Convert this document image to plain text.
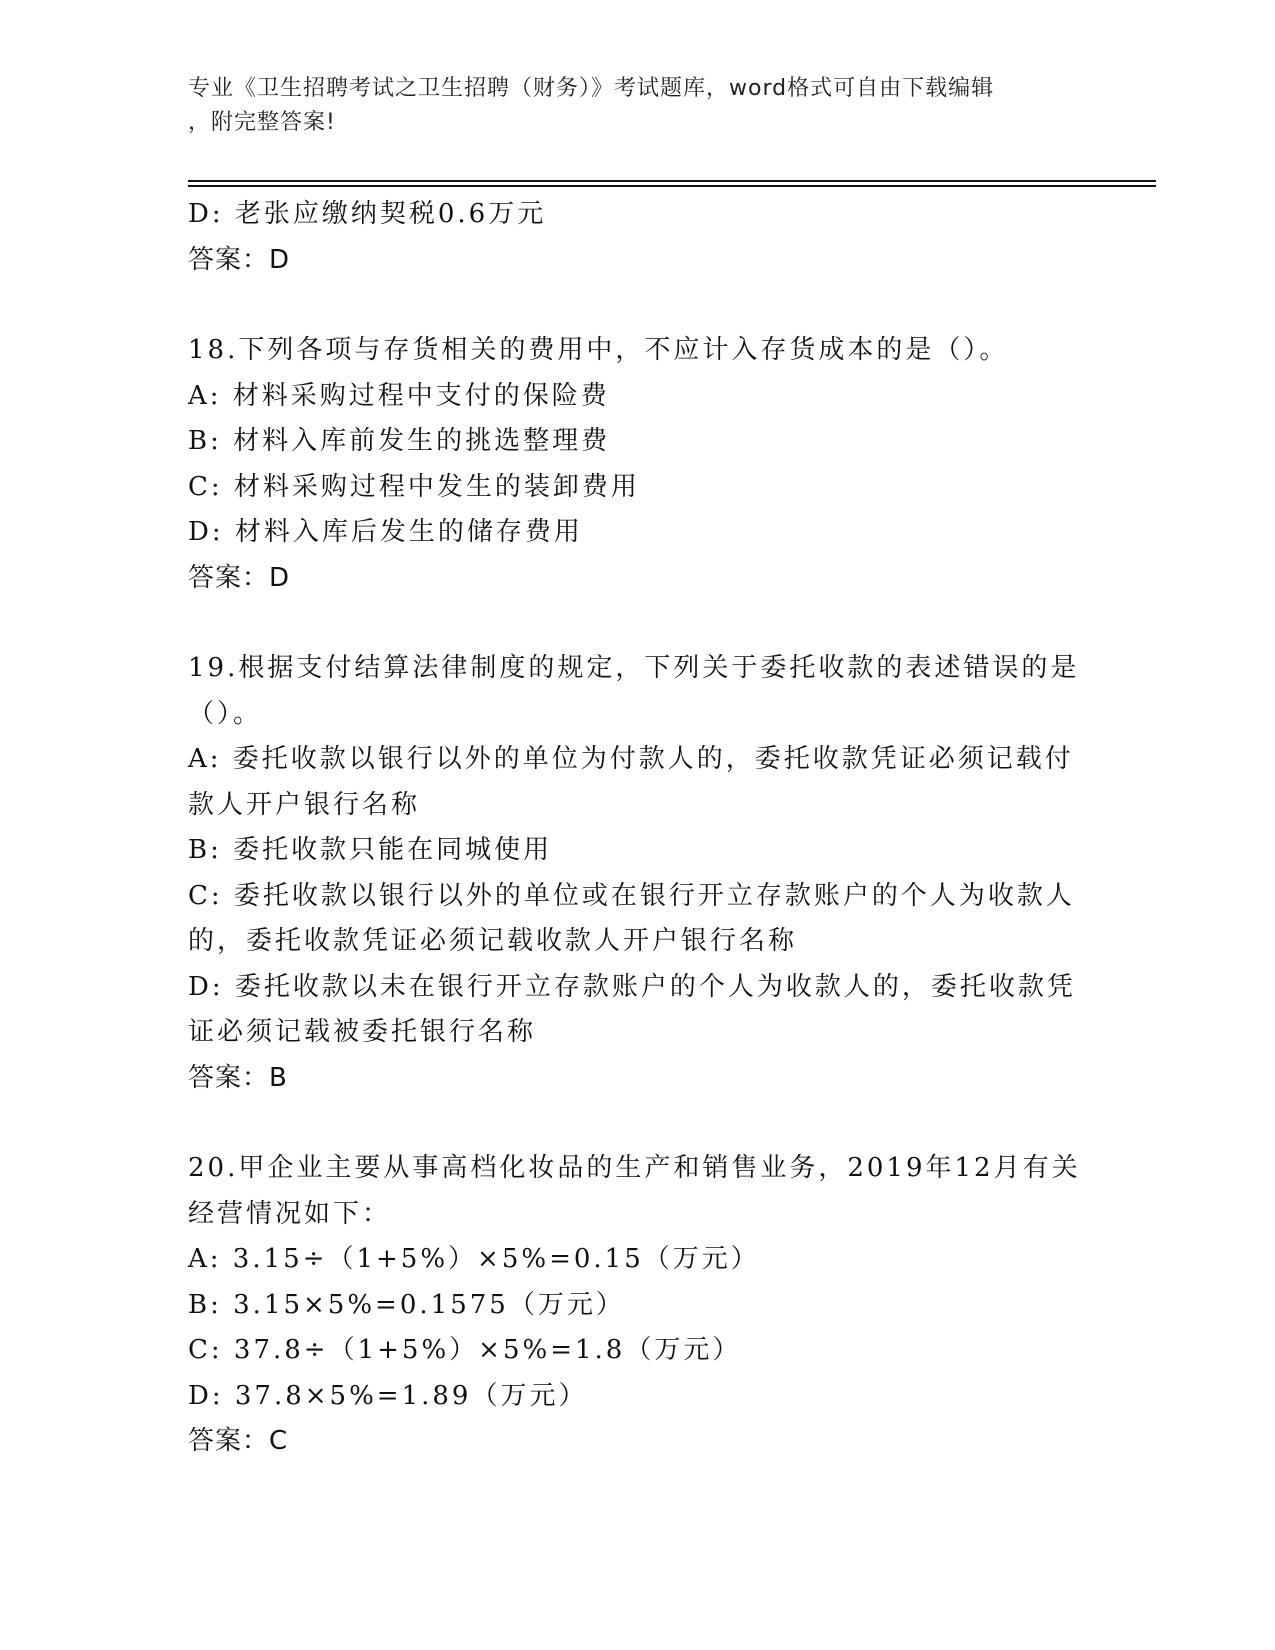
专业《卫生招聘考试之卫生招聘（财务）》考试题库，word格式可自由下载编辑
，附完整答案!
D: 老张应缴纳契税0.6万元
答案：D
18.下列各项与存货相关的费用中，不应计入存货成本的是（）。
A: 材料采购过程中支付的保险费
B: 材料入库前发生的挑选整理费
C: 材料采购过程中发生的装卸费用
D: 材料入库后发生的储存费用
答案：D
19.根据支付结算法律制度的规定，下列关于委托收款的表述错误的是
（）。
A: 委托收款以银行以外的单位为付款人的，委托收款凭证必须记载付
款人开户银行名称
B: 委托收款只能在同城使用
C: 委托收款以银行以外的单位或在银行开立存款账户的个人为收款人
的，委托收款凭证必须记载收款人开户银行名称
D: 委托收款以未在银行开立存款账户的个人为收款人的，委托收款凭
证必须记载被委托银行名称
答案：B
20.甲企业主要从事高档化妆品的生产和销售业务，2019年12月有关
经营情况如下：
A: 3.15÷（1+5%）×5%=0.15（万元）
B: 3.15×5%=0.1575（万元）
C: 37.8÷（1+5%）×5%=1.8（万元）
D: 37.8×5%=1.89（万元）
答案：C
